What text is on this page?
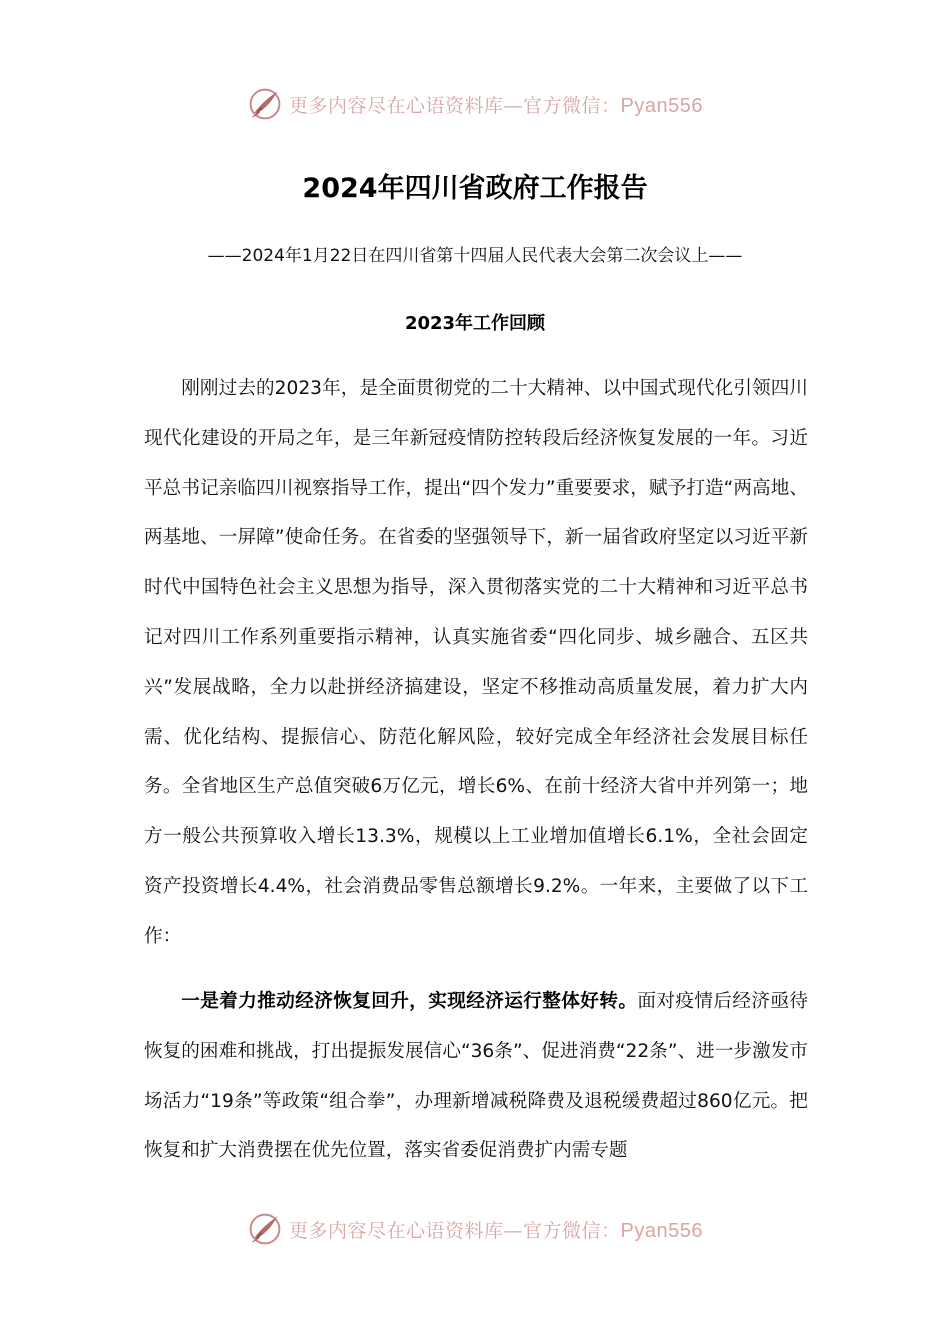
更多内容尽在心语资料库—官方微信：Pyan556
2024年四川省政府工作报告

——2024年1月22日在四川省第十四届人民代表大会第二次会议上——

2023年工作回顾

刚刚过去的2023年，是全面贯彻党的二十大精神、以中国式现代化引领四川现代化建设的开局之年，是三年新冠疫情防控转段后经济恢复发展的一年。习近平总书记亲临四川视察指导工作，提出“四个发力”重要要求，赋予打造“两高地、两基地、一屏障”使命任务。在省委的坚强领导下，新一届省政府坚定以习近平新时代中国特色社会主义思想为指导，深入贯彻落实党的二十大精神和习近平总书记对四川工作系列重要指示精神，认真实施省委“四化同步、城乡融合、五区共兴”发展战略，全力以赴拼经济搞建设，坚定不移推动高质量发展，着力扩大内需、优化结构、提振信心、防范化解风险，较好完成全年经济社会发展目标任务。全省地区生产总值突破6万亿元，增长6%、在前十经济大省中并列第一；地方一般公共预算收入增长13.3%，规模以上工业增加值增长6.1%，全社会固定资产投资增长4.4%，社会消费品零售总额增长9.2%。一年来，主要做了以下工作：

一是着力推动经济恢复回升，实现经济运行整体好转。面对疫情后经济亟待恢复的困难和挑战，打出提振发展信心“36条”、促进消费“22条”、进一步激发市场活力“19条”等政策“组合拳”，办理新增减税降费及退税缓费超过860亿元。把恢复和扩大消费摆在优先位置，落实省委促消费扩内需专题

更多内容尽在心语资料库—官方微信：Pyan556
